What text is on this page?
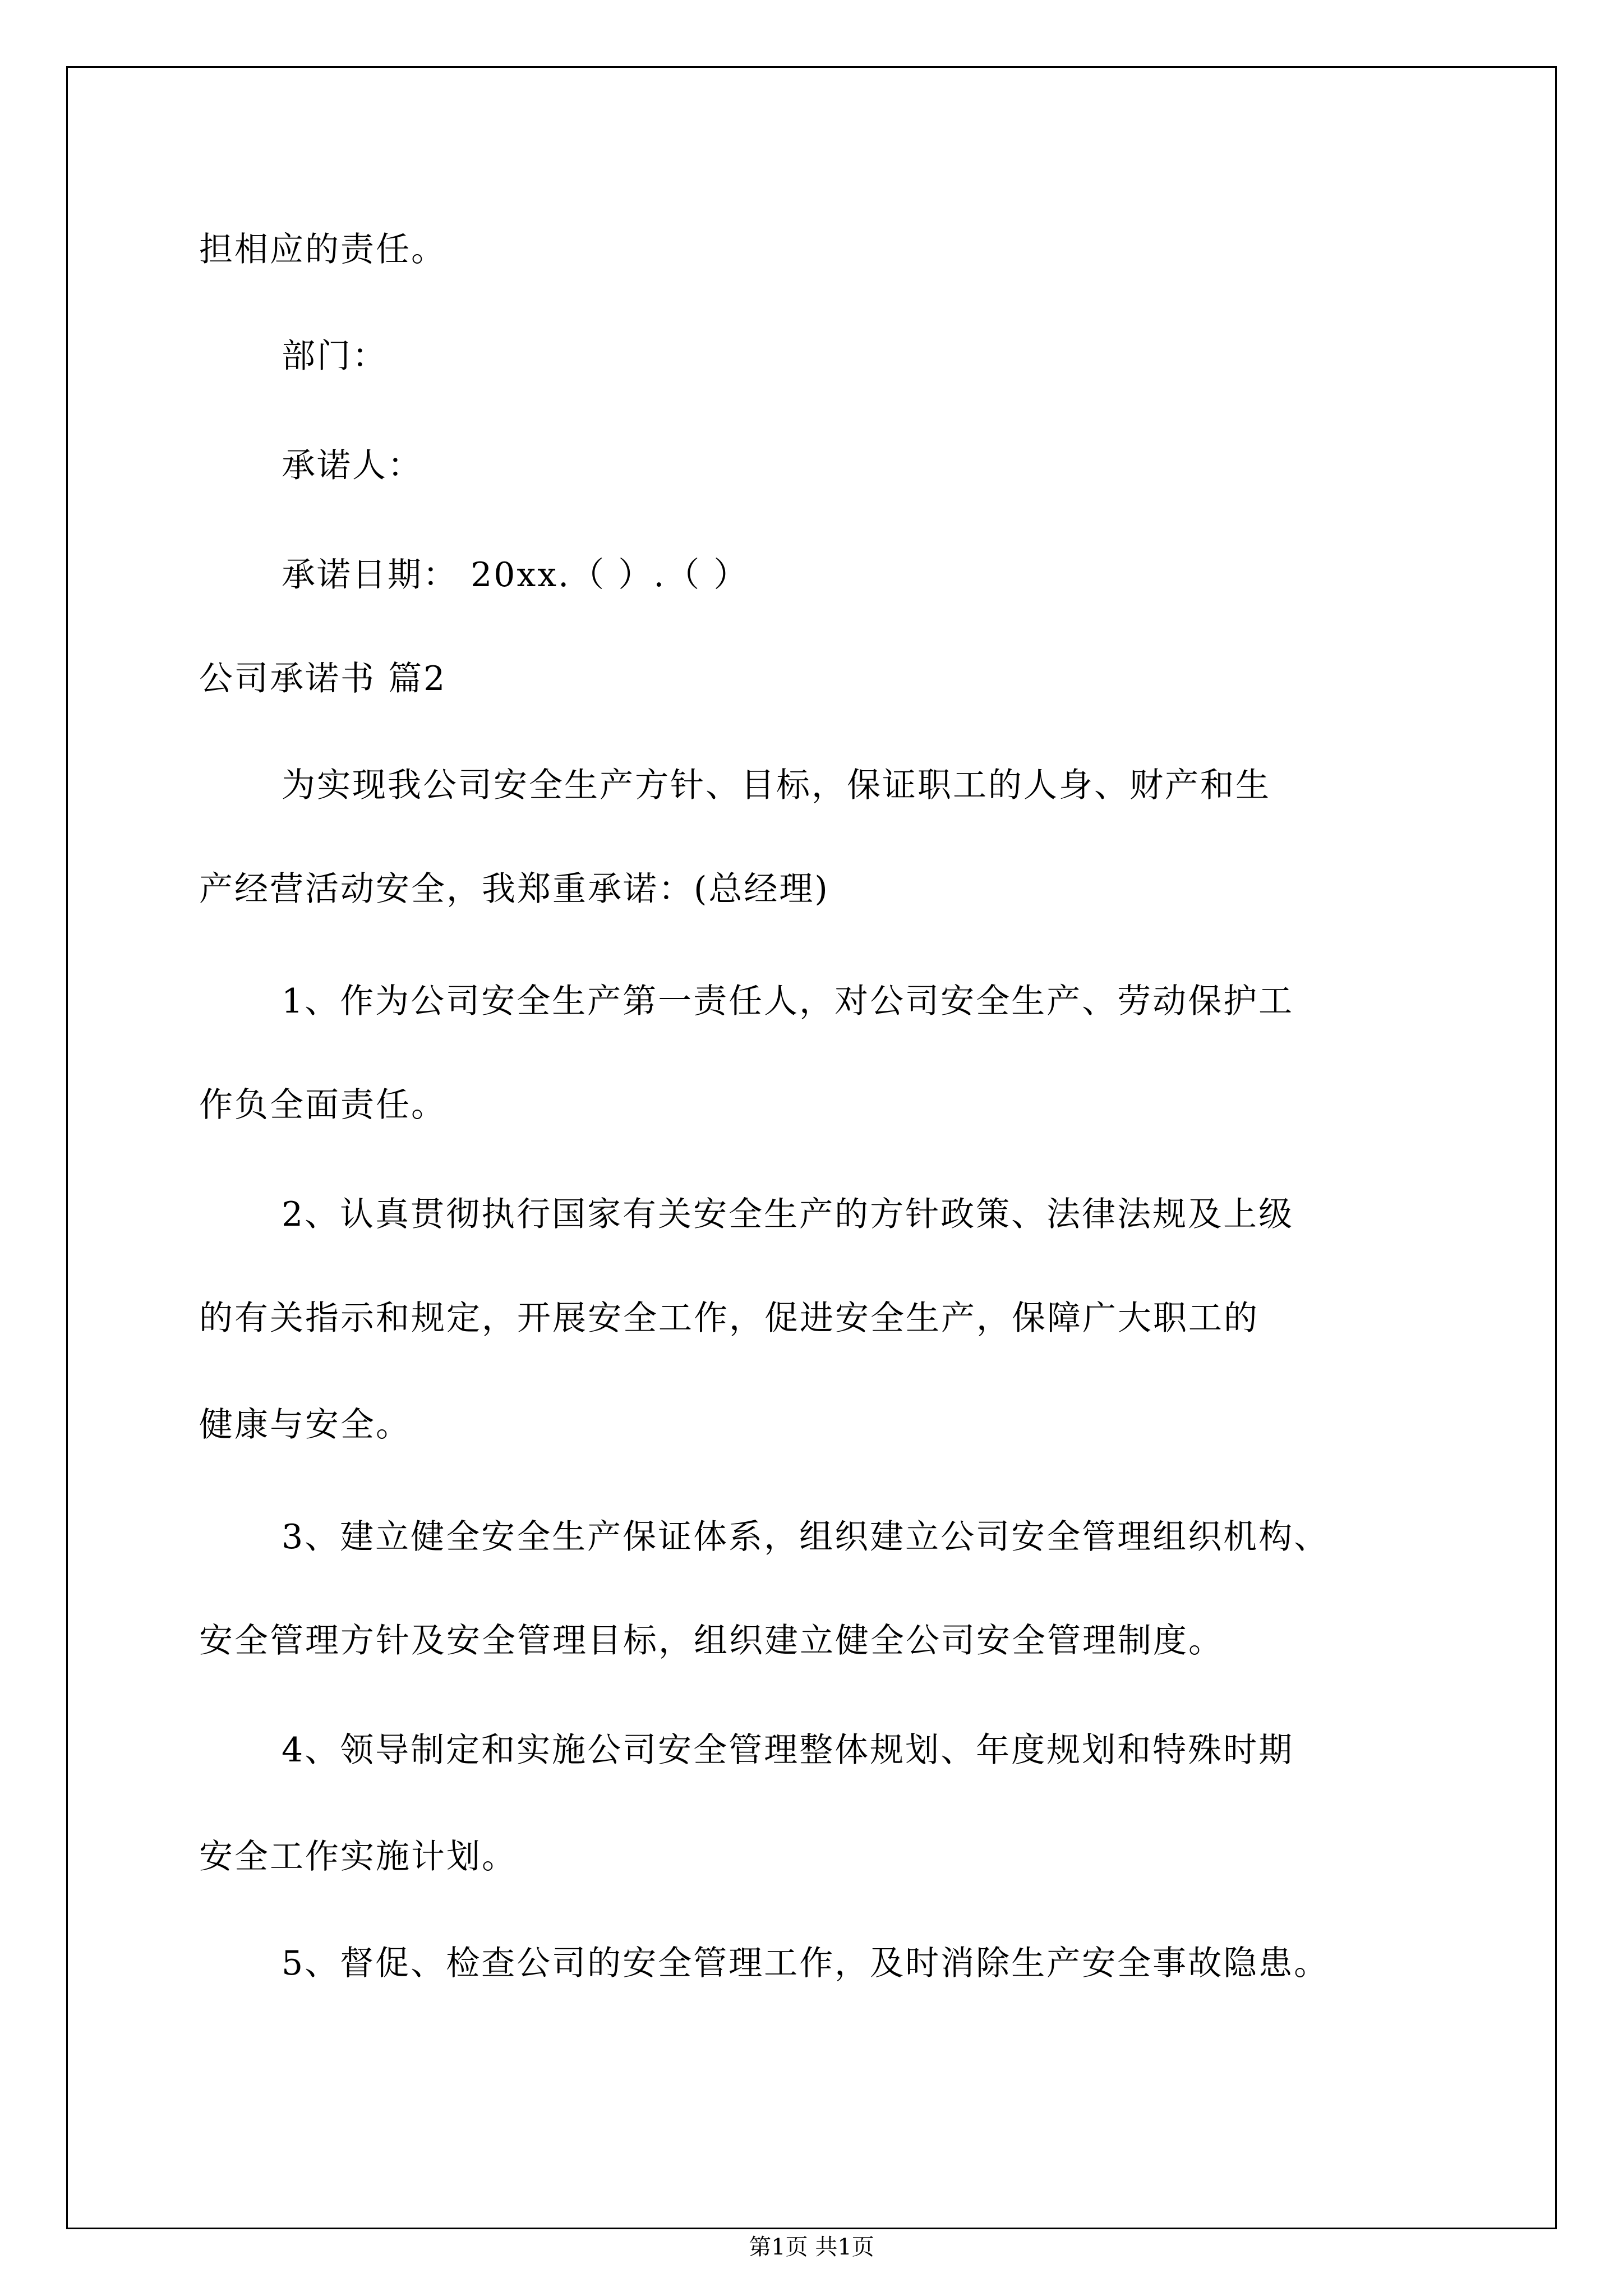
担相应的责任。
部门：
承诺人：
承诺日期： 20xx.（ ）.（ ）
公司承诺书 篇2
为实现我公司安全生产方针、目标，保证职工的人身、财产和生
产经营活动安全，我郑重承诺：(总经理)
1、作为公司安全生产第一责任人，对公司安全生产、劳动保护工
作负全面责任。
2、认真贯彻执行国家有关安全生产的方针政策、法律法规及上级
的有关指示和规定，开展安全工作，促进安全生产，保障广大职工的
健康与安全。
3、建立健全安全生产保证体系，组织建立公司安全管理组织机构、
安全管理方针及安全管理目标，组织建立健全公司安全管理制度。
4、领导制定和实施公司安全管理整体规划、年度规划和特殊时期
安全工作实施计划。
5、督促、检查公司的安全管理工作，及时消除生产安全事故隐患。
第1页 共1页
